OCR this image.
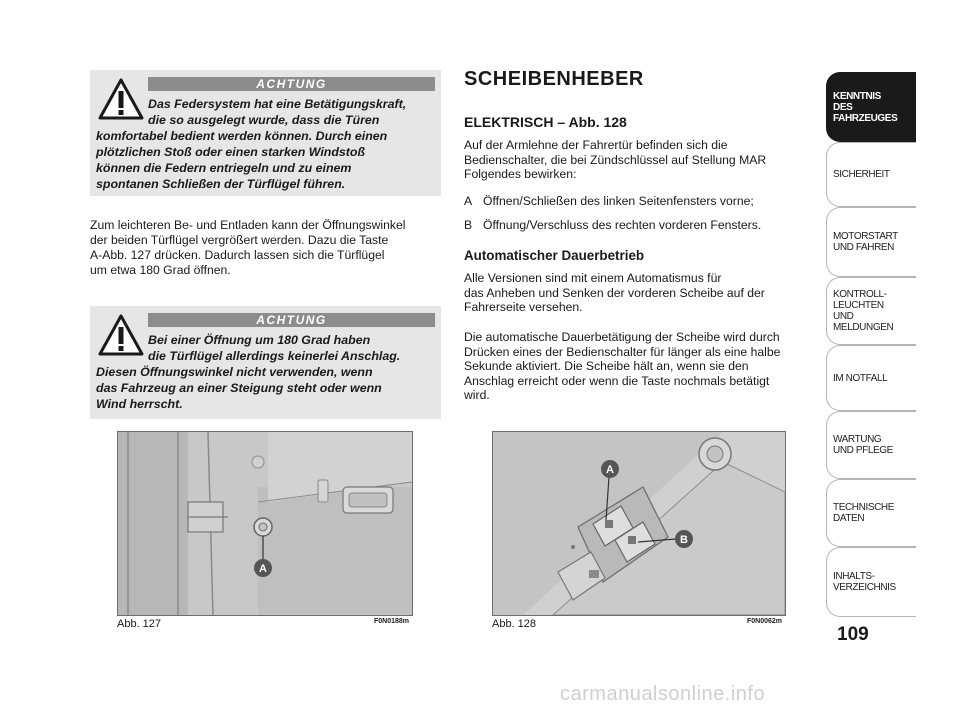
ACHTUNG
Das Federsystem hat eine Betätigungskraft,
die so ausgelegt wurde, dass die Türen
komfortabel bedient werden können. Durch einen
plötzlichen Stoß oder einen starken Windstoß
können die Federn entriegeln und zu einem
spontanen Schließen der Türflügel führen.
Zum leichteren Be- und Entladen kann der Öffnungswinkel
der beiden Türflügel vergrößert werden. Dazu die Taste
A-Abb. 127 drücken. Dadurch lassen sich die Türflügel
um etwa 180 Grad öffnen.
ACHTUNG
Bei einer Öffnung um 180 Grad haben
die Türflügel allerdings keinerlei Anschlag.
Diesen Öffnungswinkel nicht verwenden, wenn
das Fahrzeug an einer Steigung steht oder wenn
Wind herrscht.
A
Abb. 127	F0N0188m
A
B
Abb. 128	F0N0062m
SCHEIBENHEBER
ELEKTRISCH – Abb. 128
Auf der Armlehne der Fahrertür befinden sich die
Bedienschalter, die bei Zündschlüssel auf Stellung MAR
Folgendes bewirken:
A Öffnen/Schließen des linken Seitenfensters vorne;
B Öffnung/Verschluss des rechten vorderen Fensters.
Automatischer Dauerbetrieb
Alle Versionen sind mit einem Automatismus für
das Anheben und Senken der vorderen Scheibe auf der
Fahrerseite versehen.
Die automatische Dauerbetätigung der Scheibe wird durch
Drücken eines der Bedienschalter für länger als eine halbe
Sekunde aktiviert. Die Scheibe hält an, wenn sie den
Anschlag erreicht oder wenn die Taste nochmals betätigt
wird.
KENNTNIS
DES FAHRZEUGES
SICHERHEIT
MOTORSTART
UND FAHREN
KONTROLL-
LEUCHTEN
UND MELDUNGEN
IM NOTFALL
WARTUNG
UND PFLEGE
TECHNISCHE
DATEN
INHALTS-
VERZEICHNIS
109
carmanualsonline.info
